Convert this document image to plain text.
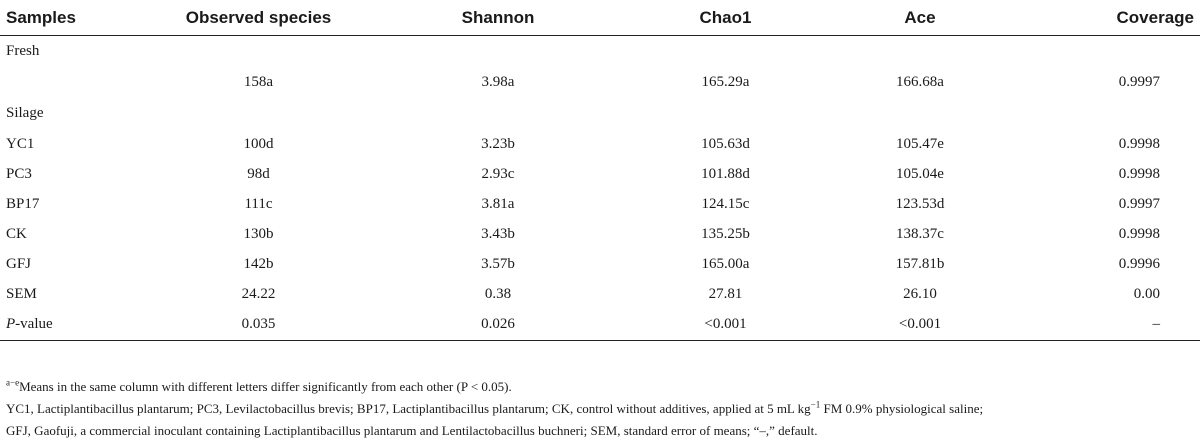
Samples	Observed species	Shannon	Chao1	Ace	Coverage
Fresh					
	158a	3.98a	165.29a	166.68a	0.9997
Silage					
YC1	100d	3.23b	105.63d	105.47e	0.9998
PC3	98d	2.93c	101.88d	105.04e	0.9998
BP17	111c	3.81a	124.15c	123.53d	0.9997
CK	130b	3.43b	135.25b	138.37c	0.9998
GFJ	142b	3.57b	165.00a	157.81b	0.9996
SEM	24.22	0.38	27.81	26.10	0.00
P-value	0.035	0.026	<0.001	<0.001	–

$^{a-e}$Means in the same column with different letters differ significantly from each other (P < 0.05).

YC1, Lactiplantibacillus plantarum; PC3, Levilactobacillus brevis; BP17, Lactiplantibacillus plantarum; CK, control without additives, applied at 5 mL $kg^{-1}$ FM 0.9% physiological saline;

GFJ, Gaofuji, a commercial inoculant containing Lactiplantibacillus plantarum and Lentilactobacillus buchneri; SEM, standard error of means; “–,” default.
